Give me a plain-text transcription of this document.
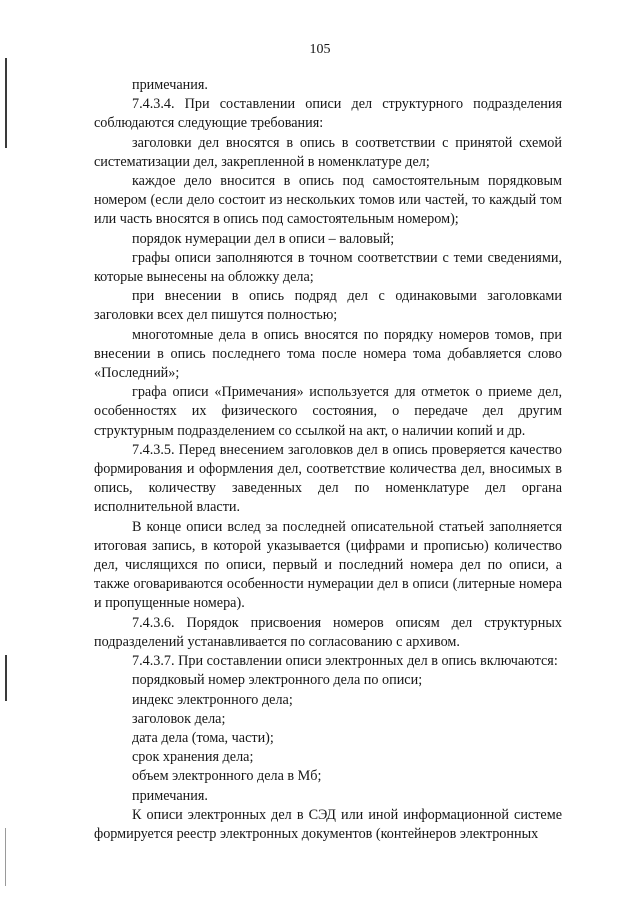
105

примечания.

7.4.3.4. При составлении описи дел структурного подразделения соблюдаются следующие требования:

заголовки дел вносятся в опись в соответствии с принятой схемой систематизации дел, закрепленной в номенклатуре дел;

каждое дело вносится в опись под самостоятельным порядковым номером (если дело состоит из нескольких томов или частей, то каждый том или часть вносятся в опись под самостоятельным номером);

порядок нумерации дел в описи – валовый;

графы описи заполняются в точном соответствии с теми сведениями, которые вынесены на обложку дела;

при внесении в опись подряд дел с одинаковыми заголовками заголовки всех дел пишутся полностью;

многотомные дела в опись вносятся по порядку номеров томов, при внесении в опись последнего тома после номера тома добавляется слово «Последний»;

графа описи «Примечания» используется для отметок о приеме дел, особенностях их физического состояния, о передаче дел другим структурным подразделением со ссылкой на акт, о наличии копий и др.

7.4.3.5. Перед внесением заголовков дел в опись проверяется качество формирования и оформления дел, соответствие количества дел, вносимых в опись, количеству заведенных дел по номенклатуре дел органа исполнительной власти.

В конце описи вслед за последней описательной статьей заполняется итоговая запись, в которой указывается (цифрами и прописью) количество дел, числящихся по описи, первый и последний номера дел по описи, а также оговариваются особенности нумерации дел в описи (литерные номера и пропущенные номера).

7.4.3.6. Порядок присвоения номеров описям дел структурных подразделений устанавливается по согласованию с архивом.

7.4.3.7. При составлении описи электронных дел в опись включаются:

порядковый номер электронного дела по описи;

индекс электронного дела;

заголовок дела;

дата дела (тома, части);

срок хранения дела;

объем электронного дела в Мб;

примечания.

К описи электронных дел в СЭД или иной информационной системе формируется реестр электронных документов (контейнеров электронных
